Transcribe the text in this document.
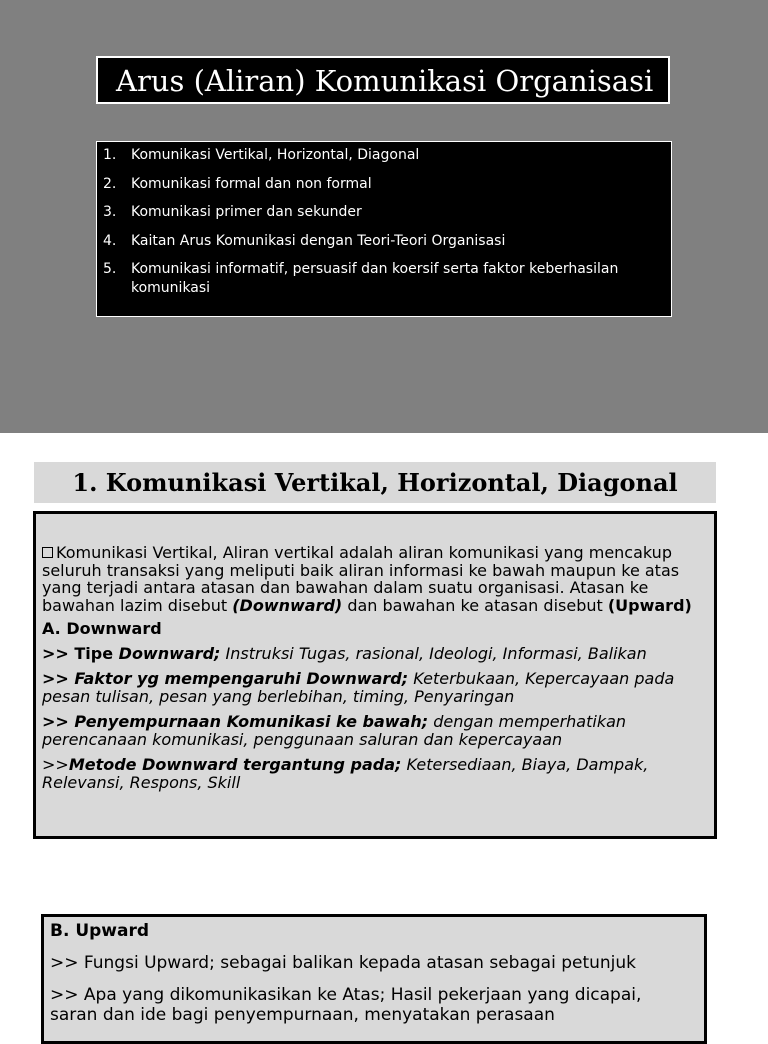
Arus (Aliran) Komunikasi Organisasi
1.	Komunikasi Vertikal, Horizontal, Diagonal
2.	Komunikasi formal dan non formal
3.	Komunikasi primer dan sekunder
4.	Kaitan Arus Komunikasi dengan Teori-Teori Organisasi
5.	Komunikasi informatif, persuasif dan koersif serta faktor keberhasilan komunikasi
1. Komunikasi Vertikal, Horizontal, Diagonal

Komunikasi Vertikal, Aliran vertikal adalah aliran komunikasi yang mencakup seluruh transaksi yang meliputi baik aliran informasi ke bawah maupun ke atas yang terjadi antara atasan dan bawahan dalam suatu organisasi. Atasan ke bawahan lazim disebut (Downward) dan bawahan ke atasan disebut (Upward)

A. Downward
>> Tipe Downward; Instruksi Tugas, rasional, Ideologi, Informasi, Balikan
>> Faktor yg mempengaruhi Downward; Keterbukaan, Kepercayaan pada pesan tulisan, pesan yang berlebihan, timing, Penyaringan
>> Penyempurnaan Komunikasi ke bawah; dengan memperhatikan perencanaan komunikasi, penggunaan saluran dan kepercayaan
>>Metode Downward tergantung pada; Ketersediaan, Biaya, Dampak, Relevansi, Respons, Skill
B. Upward
>> Fungsi Upward; sebagai balikan kepada atasan sebagai petunjuk
>> Apa yang dikomunikasikan ke Atas; Hasil pekerjaan yang dicapai,
saran dan ide bagi penyempurnaan, menyatakan perasaan
